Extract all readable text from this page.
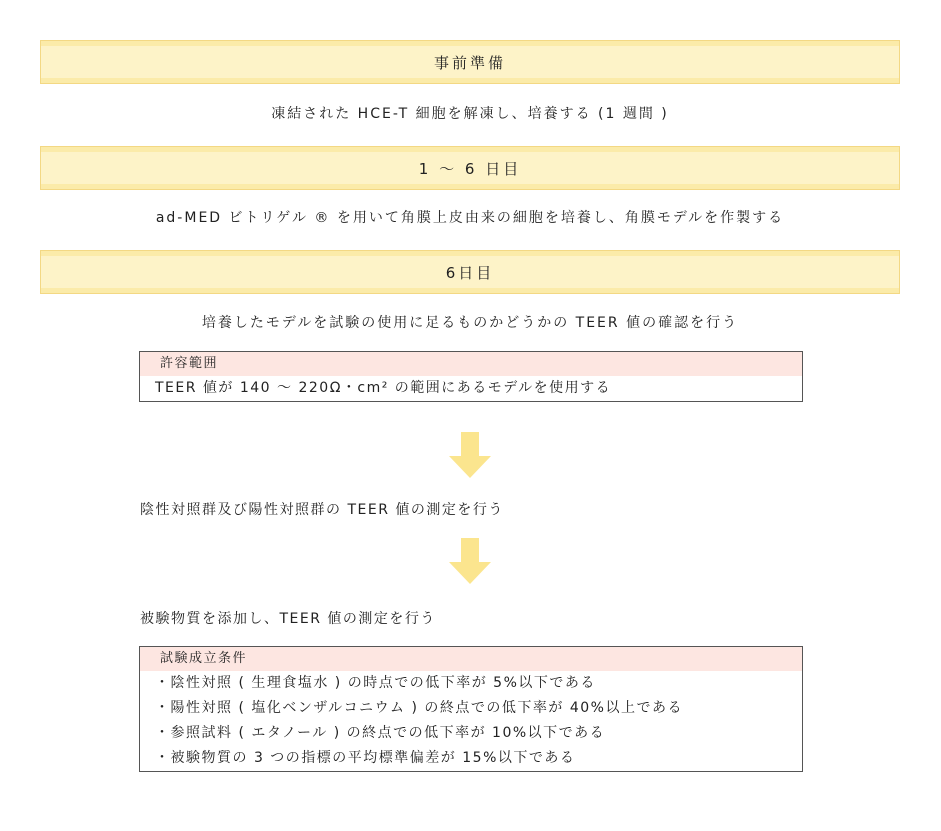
事前準備
凍結された HCE-T 細胞を解凍し、培養する (1 週間 )
1 ～ 6 日目
ad-MED ビトリゲル ® を用いて角膜上皮由来の細胞を培養し、角膜モデルを作製する
6日目
培養したモデルを試験の使用に足るものかどうかの TEER 値の確認を行う
許容範囲
TEER 値が 140 ～ 220Ω・cm² の範囲にあるモデルを使用する
陰性対照群及び陽性対照群の TEER 値の測定を行う
被験物質を添加し、TEER 値の測定を行う
試験成立条件
・陰性対照 ( 生理食塩水 ) の時点での低下率が 5%以下である
・陽性対照 ( 塩化ベンザルコニウム ) の終点での低下率が 40%以上である
・参照試料 ( エタノール ) の終点での低下率が 10%以下である
・被験物質の 3 つの指標の平均標準偏差が 15%以下である
